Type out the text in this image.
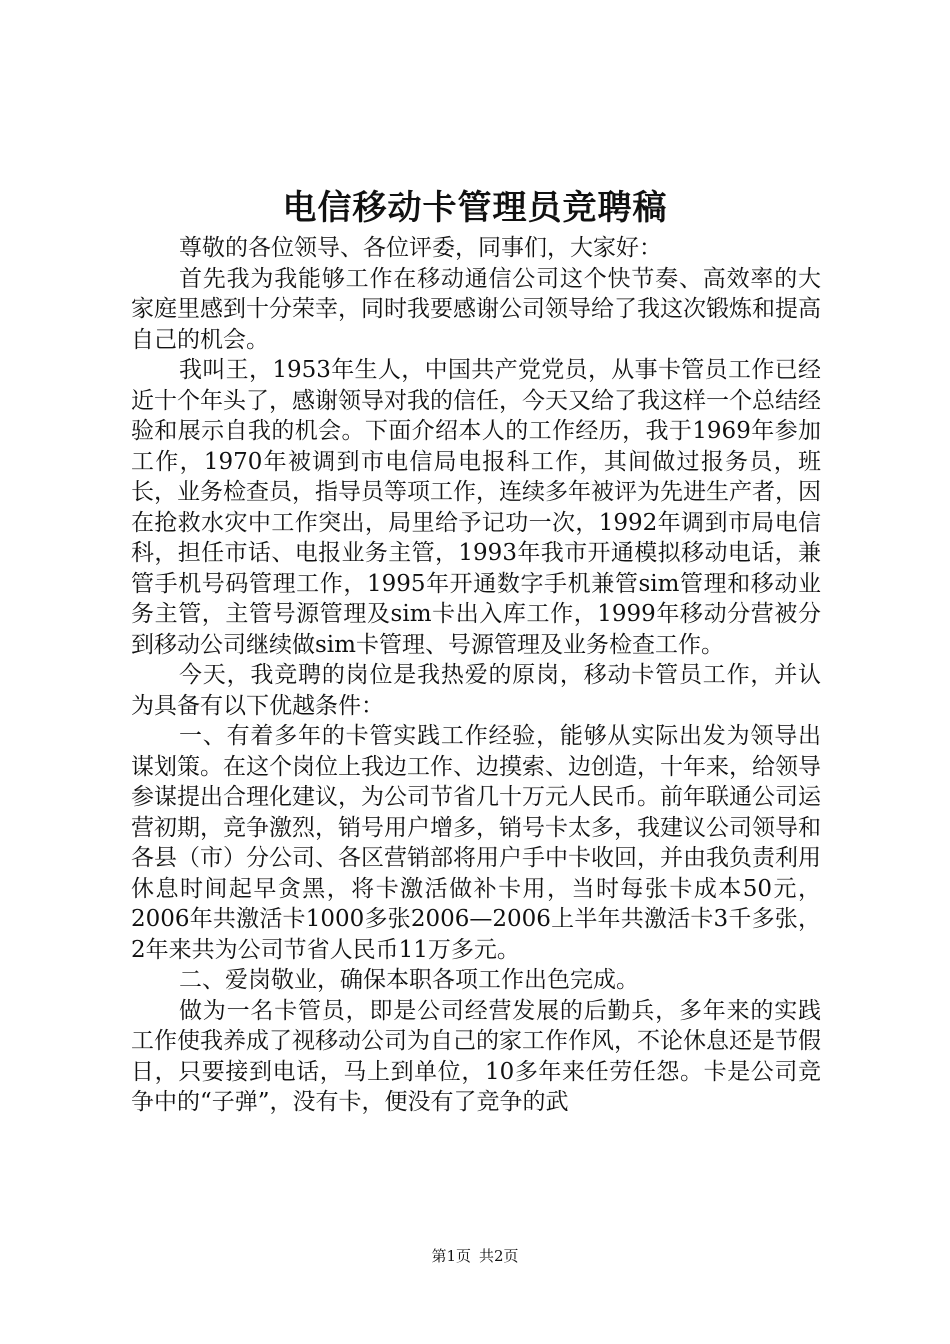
电信移动卡管理员竞聘稿

尊敬的各位领导、各位评委，同事们，大家好：

首先我为我能够工作在移动通信公司这个快节奏、高效率的大家庭里感到十分荣幸，同时我要感谢公司领导给了我这次锻炼和提高自己的机会。

我叫王，1953年生人，中国共产党党员，从事卡管员工作已经近十个年头了，感谢领导对我的信任，今天又给了我这样一个总结经验和展示自我的机会。下面介绍本人的工作经历，我于1969年参加工作，1970年被调到市电信局电报科工作，其间做过报务员，班长，业务检查员，指导员等项工作，连续多年被评为先进生产者，因在抢救水灾中工作突出，局里给予记功一次，1992年调到市局电信科，担任市话、电报业务主管，1993年我市开通模拟移动电话，兼管手机号码管理工作，1995年开通数字手机兼管sim管理和移动业务主管，主管号源管理及sim卡出入库工作，1999年移动分营被分到移动公司继续做sim卡管理、号源管理及业务检查工作。

今天，我竞聘的岗位是我热爱的原岗，移动卡管员工作，并认为具备有以下优越条件：

一、有着多年的卡管实践工作经验，能够从实际出发为领导出谋划策。在这个岗位上我边工作、边摸索、边创造，十年来，给领导参谋提出合理化建议，为公司节省几十万元人民币。前年联通公司运营初期，竞争激烈，销号用户增多，销号卡太多，我建议公司领导和各县（市）分公司、各区营销部将用户手中卡收回，并由我负责利用休息时间起早贪黑，将卡激活做补卡用，当时每张卡成本50元，2006年共激活卡1000多张2006—2006上半年共激活卡3千多张，2年来共为公司节省人民币11万多元。

二、爱岗敬业，确保本职各项工作出色完成。

做为一名卡管员，即是公司经营发展的后勤兵，多年来的实践工作使我养成了视移动公司为自己的家工作作风，不论休息还是节假日，只要接到电话，马上到单位，10多年来任劳任怨。卡是公司竞争中的“子弹”，没有卡，便没有了竞争的武

第1页 共2页
